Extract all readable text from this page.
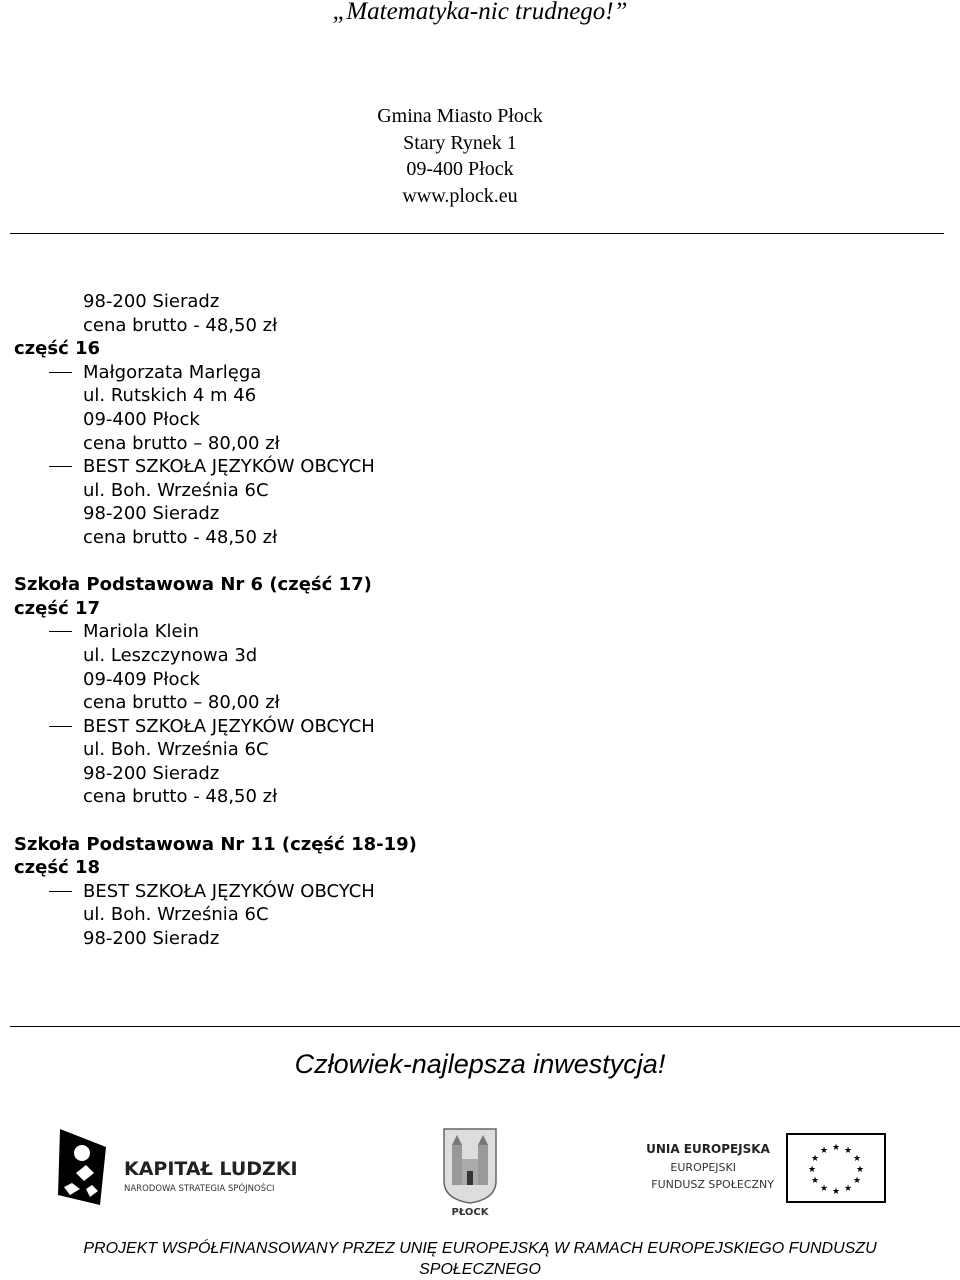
„Matematyka-nic trudnego!”
Gmina Miasto Płock
Stary Rynek 1
09-400 Płock
www.plock.eu
98-200 Sieradz
cena brutto - 48,50 zł
część 16
Małgorzata Marlęga
ul. Rutskich 4 m 46
09-400 Płock
cena brutto – 80,00 zł
BEST SZKOŁA JĘZYKÓW OBCYCH
ul. Boh. Września 6C
98-200 Sieradz
cena brutto - 48,50 zł
Szkoła Podstawowa Nr 6 (część 17)
część 17
Mariola Klein
ul. Leszczynowa 3d
09-409 Płock
cena brutto – 80,00 zł
BEST SZKOŁA JĘZYKÓW OBCYCH
ul. Boh. Września 6C
98-200 Sieradz
cena brutto - 48,50 zł
Szkoła Podstawowa Nr 11 (część 18-19)
część 18
BEST SZKOŁA JĘZYKÓW OBCYCH
ul. Boh. Września 6C
98-200 Sieradz
Człowiek-najlepsza inwestycja!
KAPITAŁ LUDZKI
NARODOWA STRATEGIA SPÓJNOŚCI
PŁOCK
UNIA EUROPEJSKA
EUROPEJSKI
FUNDUSZ SPOŁECZNY
★ ★
★
★
★
★
★
★
★
★
★
★
PROJEKT WSPÓŁFINANSOWANY PRZEZ UNIĘ EUROPEJSKĄ W RAMACH EUROPEJSKIEGO FUNDUSZU
SPOŁECZNEGO
